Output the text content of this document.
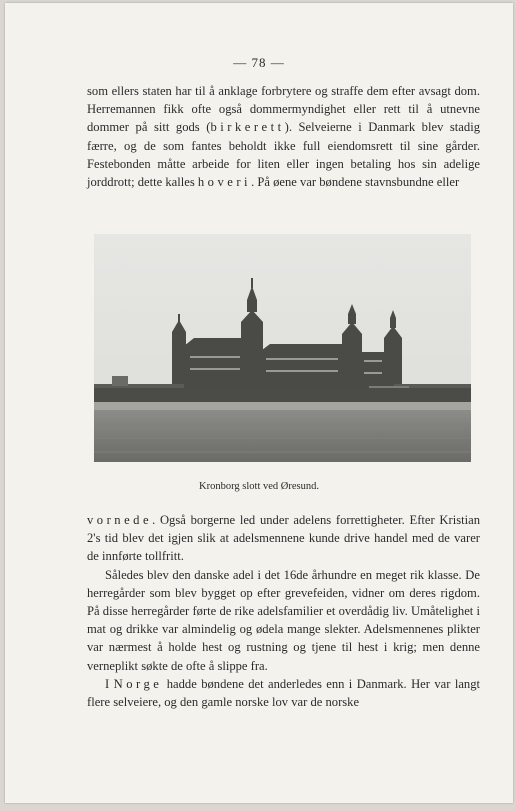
— 78 —

som ellers staten har til å anklage forbrytere og straffe dem efter avsagt dom. Herremannen fikk ofte også dommermyndighet eller rett til å utnevne dommer på sitt gods (birkerett). Selveierne i Danmark blev stadig færre, og de som fantes beholdt ikke full eiendomsrett til sine gårder. Festebonden måtte arbeide for liten eller ingen betaling hos sin adelige jorddrott; dette kalles hoveri. På øene var bøndene stavnsbundne eller

Kronborg slott ved Øresund.

vornede. Også borgerne led under adelens forrettigheter. Efter Kristian 2's tid blev det igjen slik at adelsmennene kunde drive handel med de varer de innførte tollfritt.

Således blev den danske adel i det 16de århundre en meget rik klasse. De herregårder som blev bygget op efter grevefeiden, vidner om deres rigdom. På disse herregårder førte de rike adelsfamilier et overdådig liv. Umåtelighet i mat og drikke var almindelig og ødela mange slekter. Adelsmennenes plikter var nærmest å holde hest og rustning og tjene til hest i krig; men denne verneplikt søkte de ofte å slippe fra.

I Norge hadde bøndene det anderledes enn i Danmark. Her var langt flere selveiere, og den gamle norske lov var de norske
